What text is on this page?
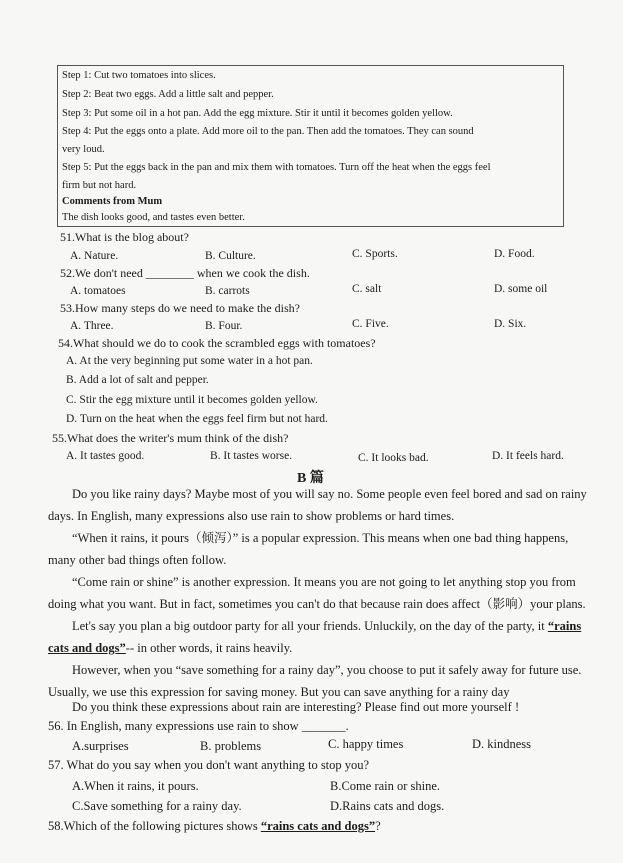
Step 1: Cut two tomatoes into slices.
Step 2: Beat two eggs. Add a little salt and pepper.
Step 3: Put some oil in a hot pan. Add the egg mixture. Stir it until it becomes golden yellow.
Step 4: Put the eggs onto a plate. Add more oil to the pan. Then add the tomatoes. They can sound
very loud.
Step 5: Put the eggs back in the pan and mix them with tomatoes. Turn off the heat when the eggs feel
firm but not hard.
Comments from Mum
The dish looks good, and tastes even better.
51.What is the blog about?
A. Nature.	B. Culture.	C. Sports.	D. Food.
52.We don't need ________ when we cook the dish.
A. tomatoes	B. carrots	C. salt	D. some oil
53.How many steps do we need to make the dish?
A. Three.	B. Four.	C. Five.	D. Six.
54.What should we do to cook the scrambled eggs with tomatoes?
A. At the very beginning put some water in a hot pan.
B. Add a lot of salt and pepper.
C. Stir the egg mixture until it becomes golden yellow.
D. Turn on the heat when the eggs feel firm but not hard.
55.What does the writer's mum think of the dish?
A. It tastes good.	B. It tastes worse.	C. It looks bad.	D. It feels hard.
B 篇
Do you like rainy days? Maybe most of you will say no. Some people even feel bored and sad on rainy days. In English, many expressions also use rain to show problems or hard times.
“When it rains, it pours（倾泻）” is a popular expression. This means when one bad thing happens, many other bad things often follow.
“Come rain or shine” is another expression. It means you are not going to let anything stop you from doing what you want. But in fact, sometimes you can't do that because rain does affect（影响）your plans.
Let's say you plan a big outdoor party for all your friends. Unluckily, on the day of the party, it “rains cats and dogs”-- in other words, it rains heavily.
However, when you “save something for a rainy day”, you choose to put it safely away for future use. Usually, we use this expression for saving money. But you can save anything for a rainy day
Do you think these expressions about rain are interesting? Please find out more yourself !
56. In English, many expressions use rain to show _______.
A.surprises	B. problems	C. happy times	D. kindness
57. What do you say when you don't want anything to stop you?
A.When it rains, it pours.	B.Come rain or shine.
C.Save something for a rainy day.	D.Rains cats and dogs.
58.Which of the following pictures shows “rains cats and dogs”?
